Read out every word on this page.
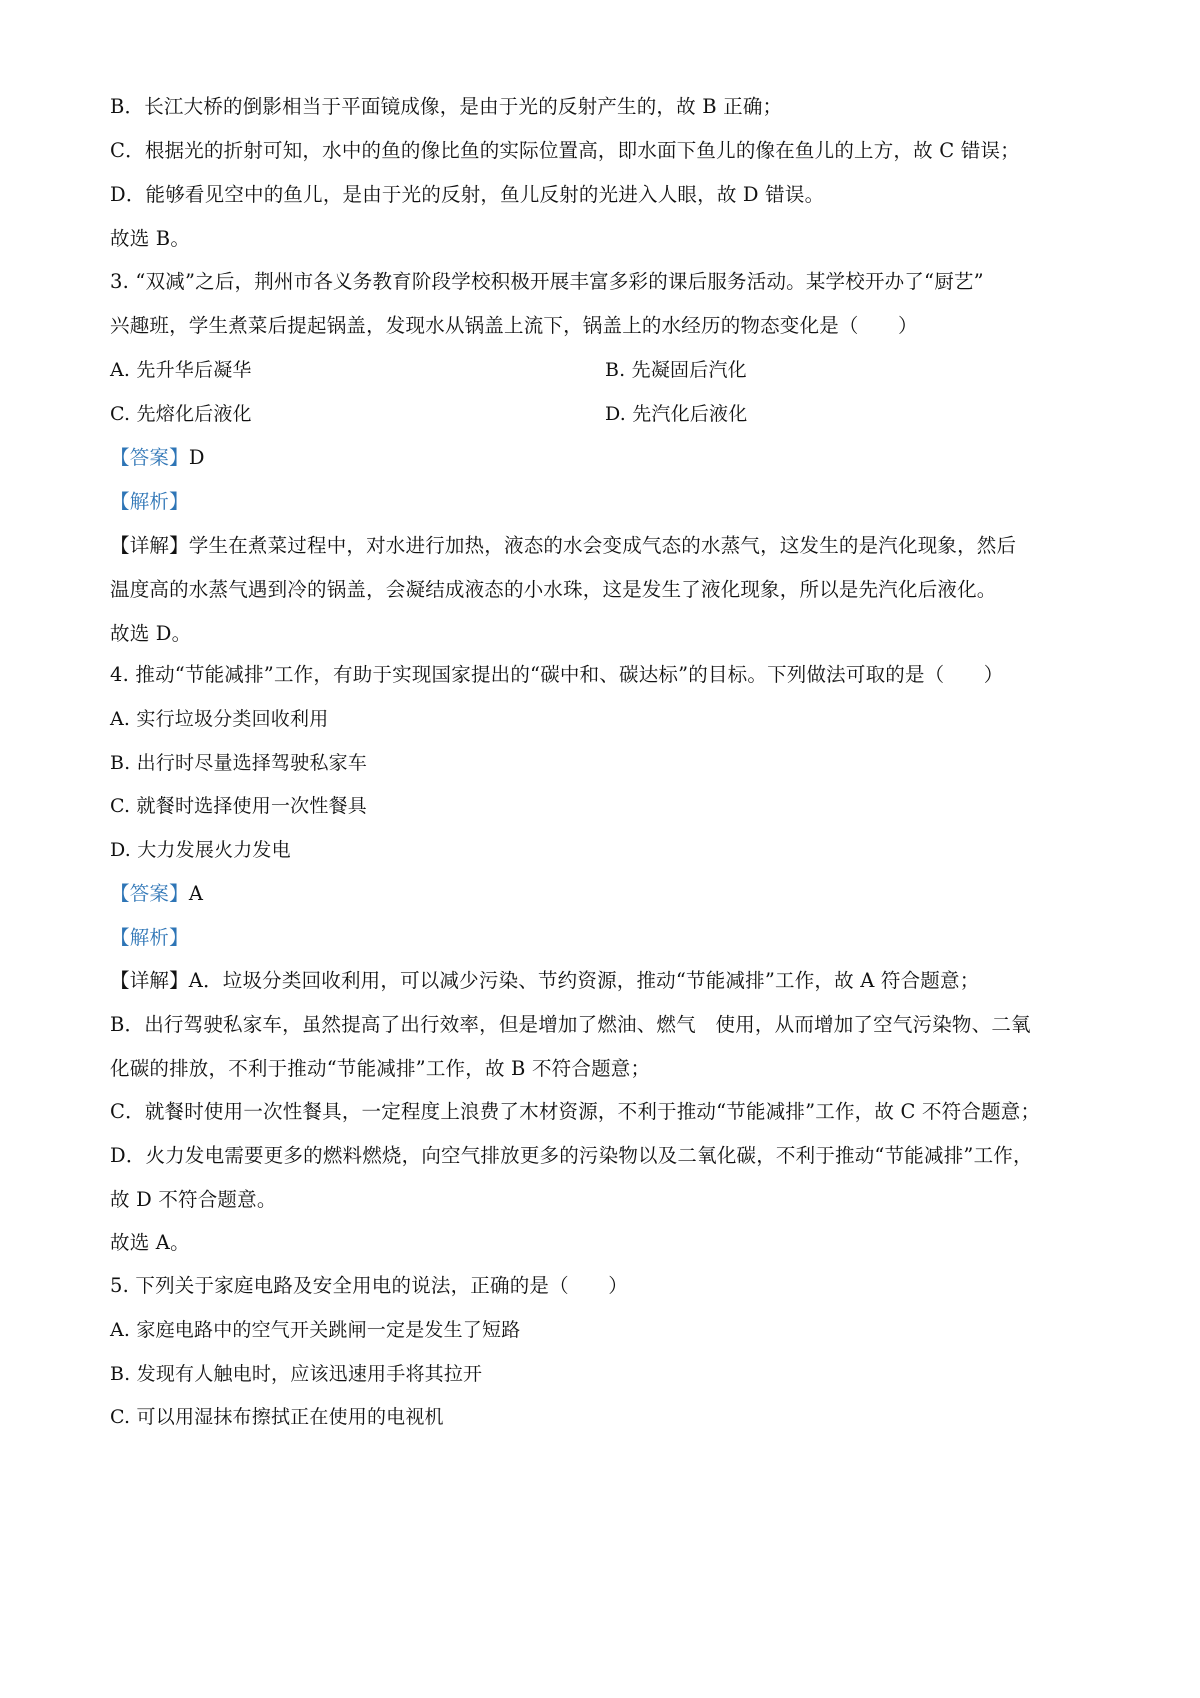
B．长江大桥的倒影相当于平面镜成像，是由于光的反射产生的，故 B 正确；
C．根据光的折射可知，水中的鱼的像比鱼的实际位置高，即水面下鱼儿的像在鱼儿的上方，故 C 错误；
D．能够看见空中的鱼儿，是由于光的反射，鱼儿反射的光进入人眼，故 D 错误。
故选 B。
3. “双减”之后，荆州市各义务教育阶段学校积极开展丰富多彩的课后服务活动。某学校开办了“厨艺”
兴趣班，学生煮菜后提起锅盖，发现水从锅盖上流下，锅盖上的水经历的物态变化是（　　）
A. 先升华后凝华	B. 先凝固后汽化
C. 先熔化后液化	D. 先汽化后液化
【答案】D
【解析】
【详解】学生在煮菜过程中，对水进行加热，液态的水会变成气态的水蒸气，这发生的是汽化现象，然后
温度高的水蒸气遇到冷的锅盖，会凝结成液态的小水珠，这是发生了液化现象，所以是先汽化后液化。
故选 D。
4. 推动“节能减排”工作，有助于实现国家提出的“碳中和、碳达标”的目标。下列做法可取的是（　　）
A. 实行垃圾分类回收利用
B. 出行时尽量选择驾驶私家车
C. 就餐时选择使用一次性餐具
D. 大力发展火力发电
【答案】A
【解析】
【详解】A．垃圾分类回收利用，可以减少污染、节约资源，推动“节能减排”工作，故 A 符合题意；
B．出行驾驶私家车，虽然提高了出行效率，但是增加了燃油、燃气　使用，从而增加了空气污染物、二氧
化碳的排放，不利于推动“节能减排”工作，故 B 不符合题意；
C．就餐时使用一次性餐具，一定程度上浪费了木材资源，不利于推动“节能减排”工作，故 C 不符合题意；
D．火力发电需要更多的燃料燃烧，向空气排放更多的污染物以及二氧化碳，不利于推动“节能减排”工作，
故 D 不符合题意。
故选 A。
5. 下列关于家庭电路及安全用电的说法，正确的是（　　）
A. 家庭电路中的空气开关跳闸一定是发生了短路
B. 发现有人触电时，应该迅速用手将其拉开
C. 可以用湿抹布擦拭正在使用的电视机
